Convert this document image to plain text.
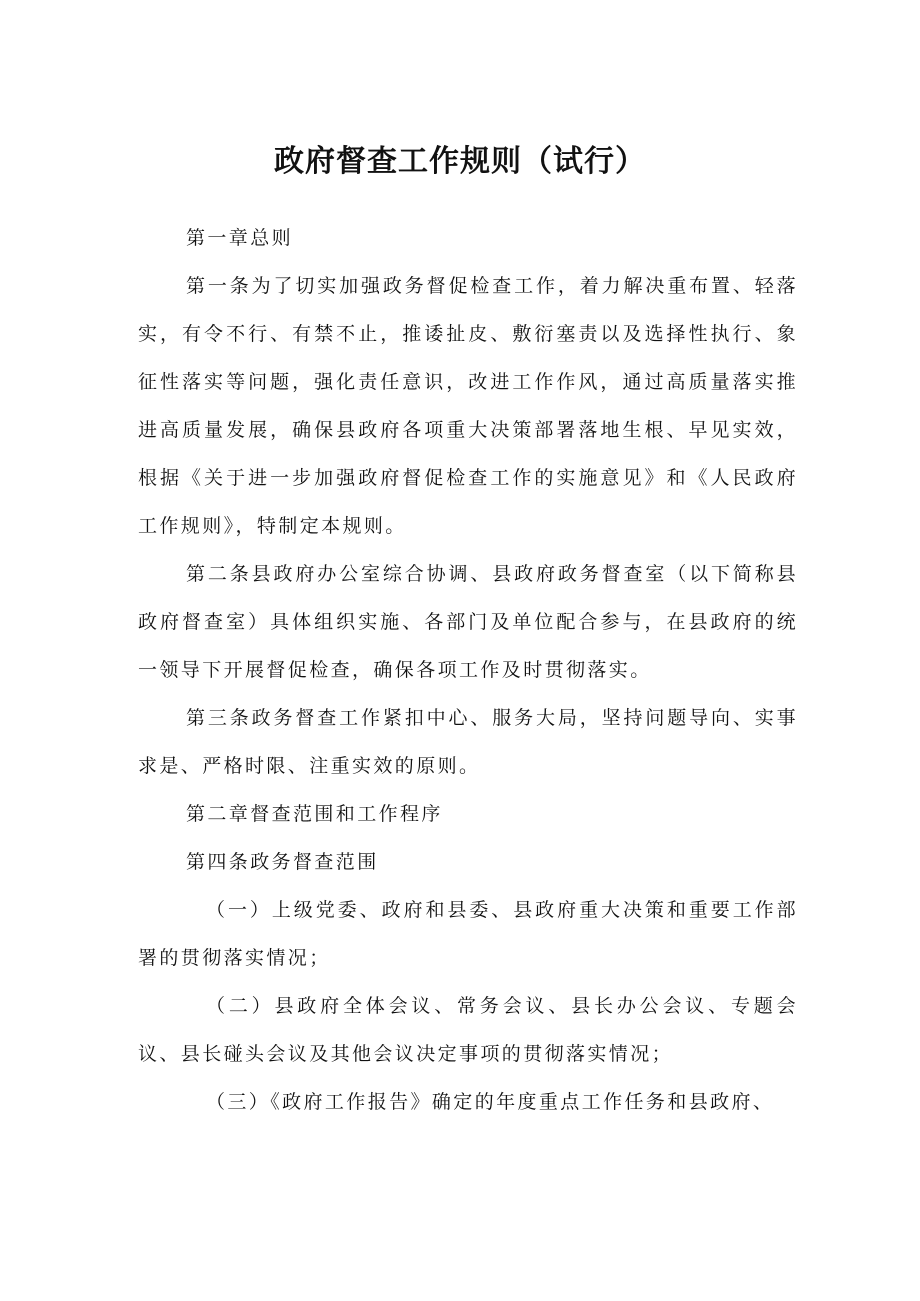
政府督查工作规则（试行）

第一章总则

第一条为了切实加强政务督促检查工作，着力解决重布置、轻落实，有令不行、有禁不止，推诿扯皮、敷衍塞责以及选择性执行、象征性落实等问题，强化责任意识，改进工作作风，通过高质量落实推进高质量发展，确保县政府各项重大决策部署落地生根、早见实效，根据《关于进一步加强政府督促检查工作的实施意见》和《人民政府工作规则》，特制定本规则。

第二条县政府办公室综合协调、县政府政务督查室（以下简称县政府督查室）具体组织实施、各部门及单位配合参与，在县政府的统一领导下开展督促检查，确保各项工作及时贯彻落实。

第三条政务督查工作紧扣中心、服务大局，坚持问题导向、实事求是、严格时限、注重实效的原则。

第二章督查范围和工作程序

第四条政务督查范围

（一）上级党委、政府和县委、县政府重大决策和重要工作部署的贯彻落实情况；

（二）县政府全体会议、常务会议、县长办公会议、专题会议、县长碰头会议及其他会议决定事项的贯彻落实情况；

（三）《政府工作报告》确定的年度重点工作任务和县政府、
